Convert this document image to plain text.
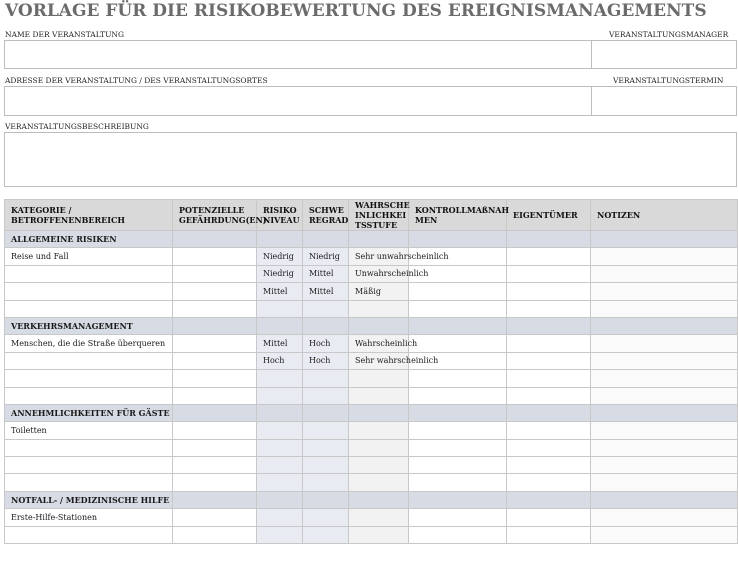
VORLAGE FÜR DIE RISIKOBEWERTUNG DES EREIGNISMANAGEMENTS
NAME DER VERANSTALTUNG	VERANSTALTUNGSMANAGER
ADRESSE DER VERANSTALTUNG / DES VERANSTALTUNGSORTES	VERANSTALTUNGSTERMIN
VERANSTALTUNGSBESCHREIBUNG
KATEGORIE / BETROFFENENBEREICH	POTENZIELLE GEFÄHRDUNG(EN)	RISIKO NIVEAU	SCHWE REGRAD	WAHRSCHE INLICHKEI TSSTUFE	KONTROLLMAßNAH MEN	EIGENTÜMER	NOTIZEN
ALLGEMEINE RISIKEN							
Reise und Fall		Niedrig	Niedrig	Sehr unwahrscheinlich			
		Niedrig	Mittel	Unwahrscheinlich			
		Mittel	Mittel	Mäßig			

VERKEHRSMANAGEMENT							
Menschen, die die Straße überqueren		Mittel	Hoch	Wahrscheinlich			
		Hoch	Hoch	Sehr wahrscheinlich			

ANNEHMLICHKEITEN FÜR GÄSTE							
Toiletten							

NOTFALL- / MEDIZINISCHE HILFE							
Erste-Hilfe-Stationen							
